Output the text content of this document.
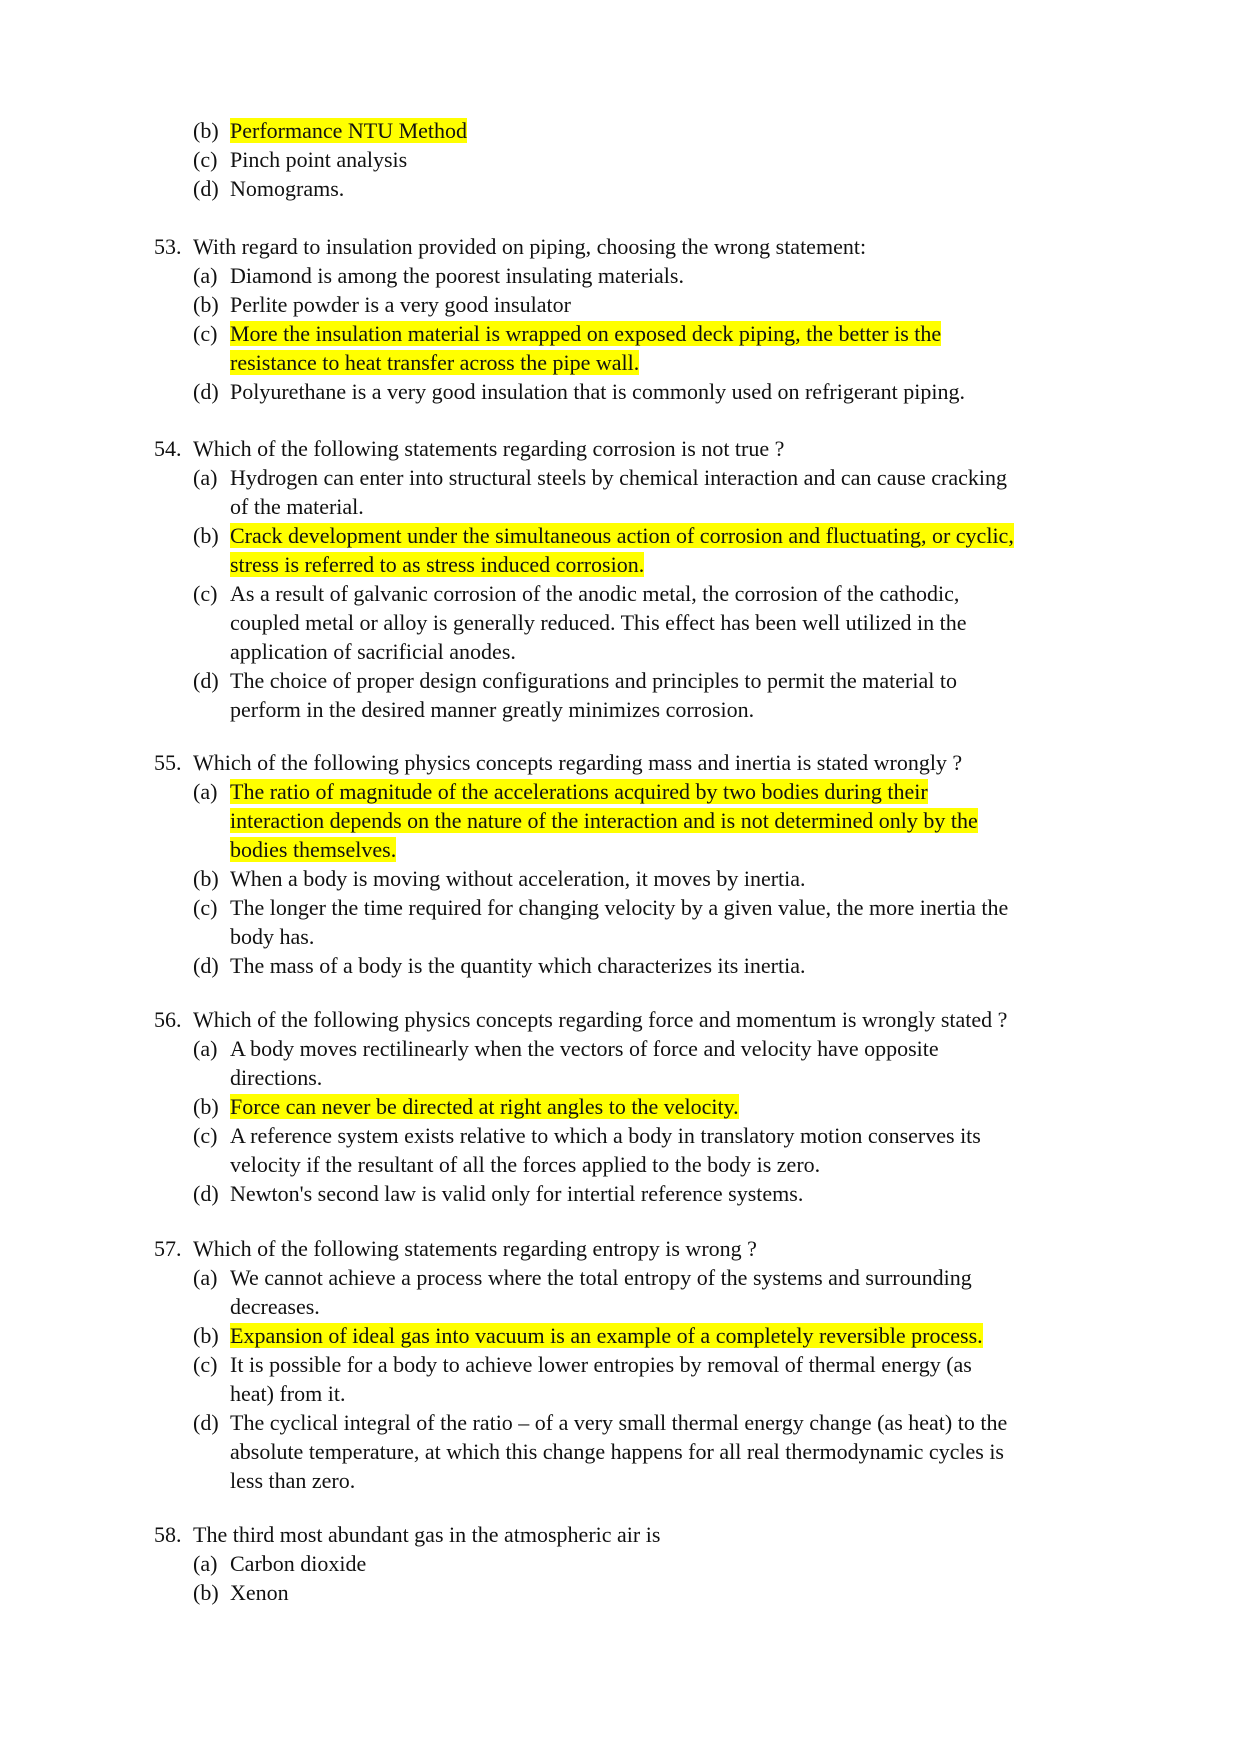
(b) Performance NTU Method
(c) Pinch point analysis
(d) Nomograms.
53. With regard to insulation provided on piping, choosing the wrong statement:
(a) Diamond is among the poorest insulating materials.
(b) Perlite powder is a very good insulator
(c) More the insulation material is wrapped on exposed deck piping, the better is the
resistance to heat transfer across the pipe wall.
(d) Polyurethane is a very good insulation that is commonly used on refrigerant piping.
54. Which of the following statements regarding corrosion is not true ?
(a) Hydrogen can enter into structural steels by chemical interaction and can cause cracking
of the material.
(b) Crack development under the simultaneous action of corrosion and fluctuating, or cyclic,
stress is referred to as stress induced corrosion.
(c) As a result of galvanic corrosion of the anodic metal, the corrosion of the cathodic,
coupled metal or alloy is generally reduced. This effect has been well utilized in the
application of sacrificial anodes.
(d) The choice of proper design configurations and principles to permit the material to
perform in the desired manner greatly minimizes corrosion.
55. Which of the following physics concepts regarding mass and inertia is stated wrongly ?
(a) The ratio of magnitude of the accelerations acquired by two bodies during their
interaction depends on the nature of the interaction and is not determined only by the
bodies themselves.
(b) When a body is moving without acceleration, it moves by inertia.
(c) The longer the time required for changing velocity by a given value, the more inertia the
body has.
(d) The mass of a body is the quantity which characterizes its inertia.
56. Which of the following physics concepts regarding force and momentum is wrongly stated ?
(a) A body moves rectilinearly when the vectors of force and velocity have opposite
directions.
(b) Force can never be directed at right angles to the velocity.
(c) A reference system exists relative to which a body in translatory motion conserves its
velocity if the resultant of all the forces applied to the body is zero.
(d) Newton's second law is valid only for intertial reference systems.
57. Which of the following statements regarding entropy is wrong ?
(a) We cannot achieve a process where the total entropy of the systems and surrounding
decreases.
(b) Expansion of ideal gas into vacuum is an example of a completely reversible process.
(c) It is possible for a body to achieve lower entropies by removal of thermal energy (as
heat) from it.
(d) The cyclical integral of the ratio – of a very small thermal energy change (as heat) to the
absolute temperature, at which this change happens for all real thermodynamic cycles is
less than zero.
58. The third most abundant gas in the atmospheric air is
(a) Carbon dioxide
(b) Xenon
